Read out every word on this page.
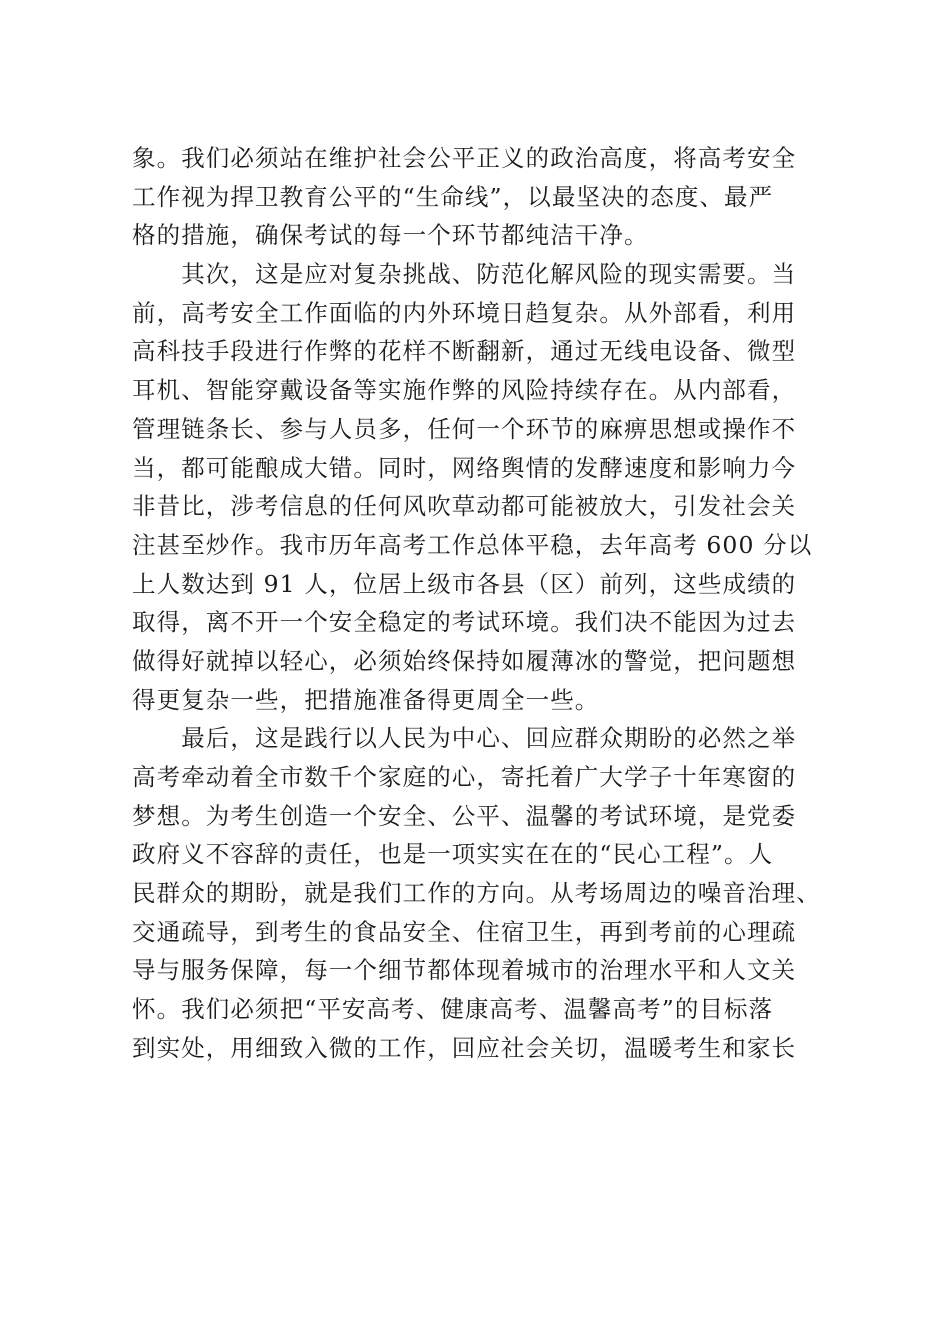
象。我们必须站在维护社会公平正义的政治高度，将高考安全
工作视为捍卫教育公平的“生命线”，以最坚决的态度、最严
格的措施，确保考试的每一个环节都纯洁干净。
　　其次，这是应对复杂挑战、防范化解风险的现实需要。当
前，高考安全工作面临的内外环境日趋复杂。从外部看，利用
高科技手段进行作弊的花样不断翻新，通过无线电设备、微型
耳机、智能穿戴设备等实施作弊的风险持续存在。从内部看，
管理链条长、参与人员多，任何一个环节的麻痹思想或操作不
当，都可能酿成大错。同时，网络舆情的发酵速度和影响力今
非昔比，涉考信息的任何风吹草动都可能被放大，引发社会关
注甚至炒作。我市历年高考工作总体平稳，去年高考 600 分以
上人数达到 91 人，位居上级市各县（区）前列，这些成绩的
取得，离不开一个安全稳定的考试环境。我们决不能因为过去
做得好就掉以轻心，必须始终保持如履薄冰的警觉，把问题想
得更复杂一些，把措施准备得更周全一些。
　　最后，这是践行以人民为中心、回应群众期盼的必然之举
高考牵动着全市数千个家庭的心，寄托着广大学子十年寒窗的
梦想。为考生创造一个安全、公平、温馨的考试环境，是党委
政府义不容辞的责任，也是一项实实在在的“民心工程”。人
民群众的期盼，就是我们工作的方向。从考场周边的噪音治理、
交通疏导，到考生的食品安全、住宿卫生，再到考前的心理疏
导与服务保障，每一个细节都体现着城市的治理水平和人文关
怀。我们必须把“平安高考、健康高考、温馨高考”的目标落
到实处，用细致入微的工作，回应社会关切，温暖考生和家长
